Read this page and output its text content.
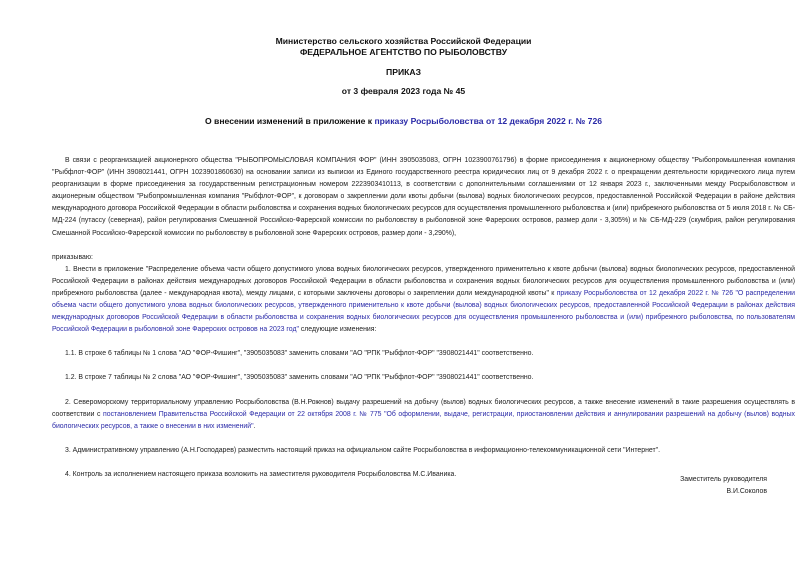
Министерство сельского хозяйства Российской Федерации
ФЕДЕРАЛЬНОЕ АГЕНТСТВО ПО РЫБОЛОВСТВУ
ПРИКАЗ
от 3 февраля 2023 года № 45
О внесении изменений в приложение к приказу Росрыболовства от 12 декабря 2022 г. № 726

В связи с реорганизацией акционерного общества "РЫБОПРОМЫСЛОВАЯ КОМПАНИЯ ФОР" (ИНН 3905035083, ОГРН 1023900761796) в форме присоединения к акционерному обществу "Рыбопромышленная компания "Рыбфлот-ФОР" (ИНН 3908021441, ОГРН 1023901860630) на основании записи из выписки из Единого государственного реестра юридических лиц от 9 декабря 2022 г. о прекращении деятельности юридического лица путем реорганизации в форме присоединения за государственным регистрационным номером 2223903410113, в соответствии с дополнительными соглашениями от 12 января 2023 г., заключенными между Росрыболовством и акционерным обществом "Рыбопромышленная компания "Рыбфлот-ФОР", к договорам о закреплении доли квоты добычи (вылова) водных биологических ресурсов, предоставленной Российской Федерации в районе действия международного договора Российской Федерации в области рыболовства и сохранения водных биологических ресурсов для осуществления промышленного рыболовства и (или) прибрежного рыболовства от 5 июля 2018 г. № СБ-МД-224 (путассу (северная), район регулирования Смешанной Российско-Фарерской комиссии по рыболовству в рыболовной зоне Фарерских островов, размер доли - 3,305%) и № СБ-МД-229 (скумбрия, район регулирования Смешанной Российско-Фарерской комиссии по рыболовству в рыболовной зоне Фарерских островов, размер доли - 3,290%),

приказываю:

1. Внести в приложение "Распределение объема части общего допустимого улова водных биологических ресурсов, утвержденного применительно к квоте добычи (вылова) водных биологических ресурсов, предоставленной Российской Федерации в районах действия международных договоров Российской Федерации в области рыболовства и сохранения водных биологических ресурсов для осуществления промышленного рыболовства и (или) прибрежного рыболовства (далее - международная квота), между лицами, с которыми заключены договоры о закреплении доли международной квоты" к приказу Росрыболовства от 12 декабря 2022 г. № 726 "О распределении объема части общего допустимого улова водных биологических ресурсов, утвержденного применительно к квоте добычи (вылова) водных биологических ресурсов, предоставленной Российской Федерации в районах действия международных договоров Российской Федерации в области рыболовства и сохранения водных биологических ресурсов для осуществления промышленного рыболовства и (или) прибрежного рыболовства, по пользователям Российской Федерации в рыболовной зоне Фарерских островов на 2023 год" следующие изменения:

1.1. В строке 6 таблицы № 1 слова "АО "ФОР-Фишинг", "3905035083" заменить словами "АО "РПК "Рыбфлот-ФОР" "3908021441" соответственно.

1.2. В строке 7 таблицы № 2 слова "АО "ФОР-Фишинг", "3905035083" заменить словами "АО "РПК "Рыбфлот-ФОР" "3908021441" соответственно.

2. Североморскому территориальному управлению Росрыболовства (В.Н.Рожнов) выдачу разрешений на добычу (вылов) водных биологических ресурсов, а также внесение изменений в такие разрешения осуществлять в соответствии с постановлением Правительства Российской Федерации от 22 октября 2008 г. № 775 "Об оформлении, выдаче, регистрации, приостановлении действия и аннулировании разрешений на добычу (вылов) водных биологических ресурсов, а также о внесении в них изменений".

3. Административному управлению (А.Н.Господарев) разместить настоящий приказ на официальном сайте Росрыболовства в информационно-телекоммуникационной сети "Интернет".

4. Контроль за исполнением настоящего приказа возложить на заместителя руководителя Росрыболовства М.С.Иваника.

Заместитель руководителя
В.И.Соколов
